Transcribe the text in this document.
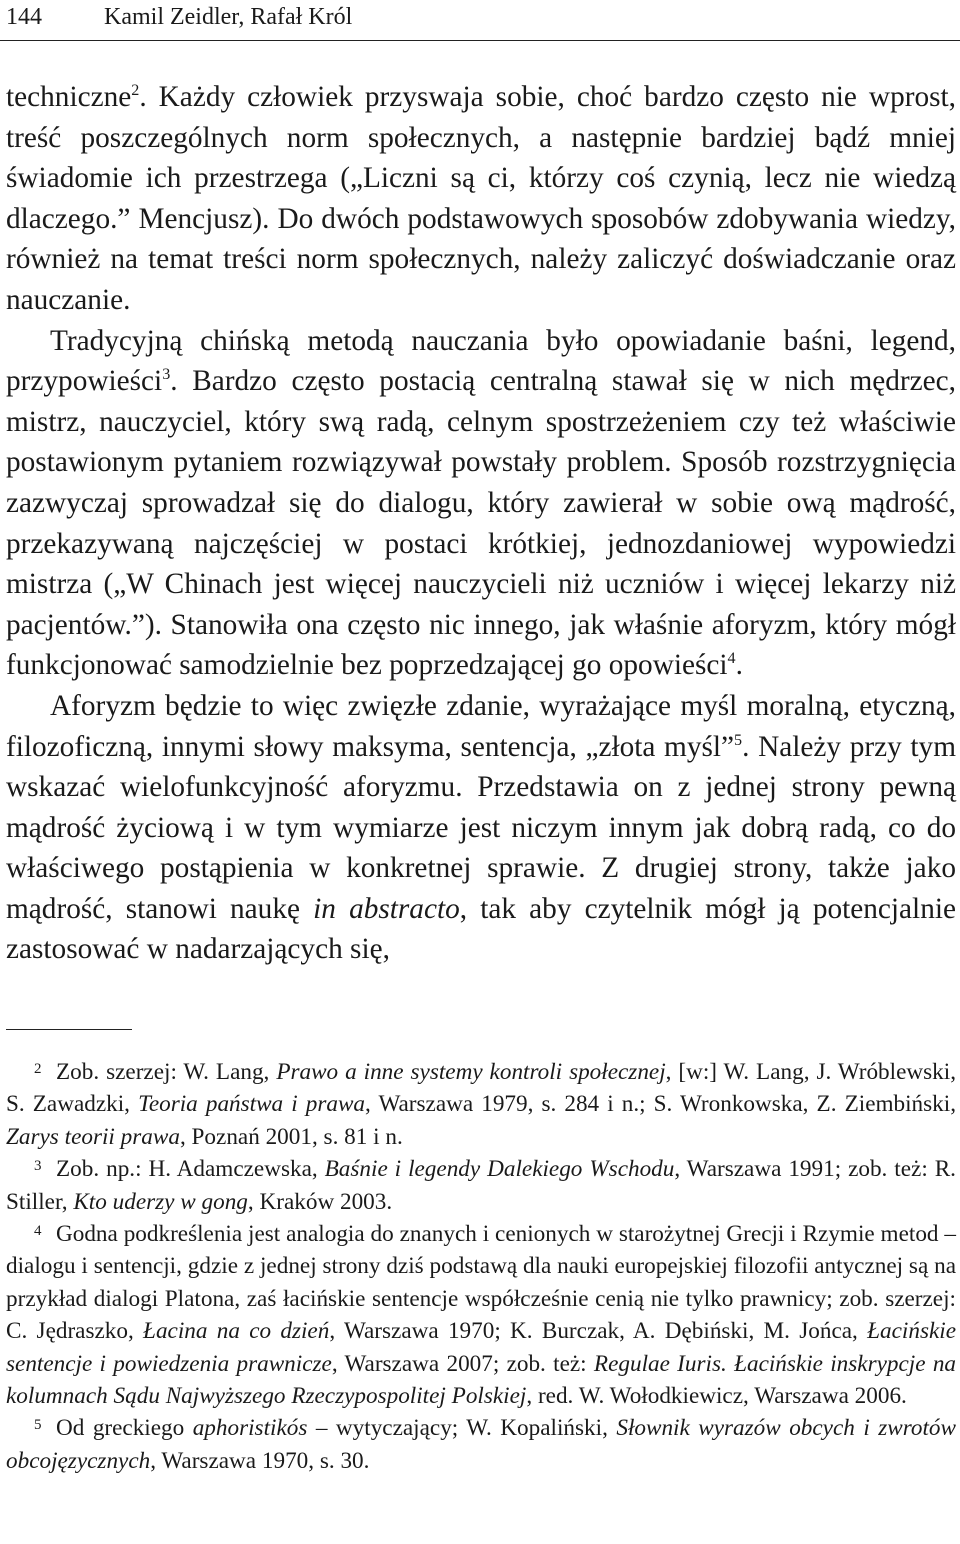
144	Kamil Zeidler, Rafał Król

techniczne$^2$. Każdy człowiek przyswaja sobie, choć bardzo często nie wprost, treść poszczególnych norm społecznych, a następnie bardziej bądź mniej świadomie ich przestrzega („Liczni są ci, którzy coś czynią, lecz nie wiedzą dlaczego.” Mencjusz). Do dwóch podstawowych sposobów zdobywania wiedzy, również na temat treści norm społecznych, należy zaliczyć doświadczanie oraz nauczanie.

Tradycyjną chińską metodą nauczania było opowiadanie baśni, legend, przypowieści$^3$. Bardzo często postacią centralną stawał się w nich mędrzec, mistrz, nauczyciel, który swą radą, celnym spostrzeżeniem czy też właściwie postawionym pytaniem rozwiązywał powstały problem. Sposób rozstrzygnięcia zazwyczaj sprowadzał się do dialogu, który zawierał w sobie ową mądrość, przekazywaną najczęściej w postaci krótkiej, jednozdaniowej wypowiedzi mistrza („W Chinach jest więcej nauczycieli niż uczniów i więcej lekarzy niż pacjentów.”). Stanowiła ona często nic innego, jak właśnie aforyzm, który mógł funkcjonować samodzielnie bez poprzedzającej go opowieści$^4$.

Aforyzm będzie to więc zwięzłe zdanie, wyrażające myśl moralną, etyczną, filozoficzną, innymi słowy maksyma, sentencja, „złota myśl”$^5$. Należy przy tym wskazać wielofunkcyjność aforyzmu. Przedstawia on z jednej strony pewną mądrość życiową i w tym wymiarze jest niczym innym jak dobrą radą, co do właściwego postąpienia w konkretnej sprawie. Z drugiej strony, także jako mądrość, stanowi naukę in abstracto, tak aby czytelnik mógł ją potencjalnie zastosować w nadarzających się,

2 Zob. szerzej: W. Lang, Prawo a inne systemy kontroli społecznej, [w:] W. Lang, J. Wróblewski, S. Zawadzki, Teoria państwa i prawa, Warszawa 1979, s. 284 i n.; S. Wronkowska, Z. Ziembiński, Zarys teorii prawa, Poznań 2001, s. 81 i n.

3 Zob. np.: H. Adamczewska, Baśnie i legendy Dalekiego Wschodu, Warszawa 1991; zob. też: R. Stiller, Kto uderzy w gong, Kraków 2003.

4 Godna podkreślenia jest analogia do znanych i cenionych w starożytnej Grecji i Rzymie metod – dialogu i sentencji, gdzie z jednej strony dziś podstawą dla nauki europejskiej filozofii antycznej są na przykład dialogi Platona, zaś łacińskie sentencje współcześnie cenią nie tylko prawnicy; zob. szerzej: C. Jędraszko, Łacina na co dzień, Warszawa 1970; K. Burczak, A. Dębiński, M. Jońca, Łacińskie sentencje i powiedzenia prawnicze, Warszawa 2007; zob. też: Regulae Iuris. Łacińskie inskrypcje na kolumnach Sądu Najwyższego Rzeczypospolitej Polskiej, red. W. Wołodkiewicz, Warszawa 2006.

5 Od greckiego aphoristikós – wytyczający; W. Kopaliński, Słownik wyrazów obcych i zwrotów obcojęzycznych, Warszawa 1970, s. 30.
